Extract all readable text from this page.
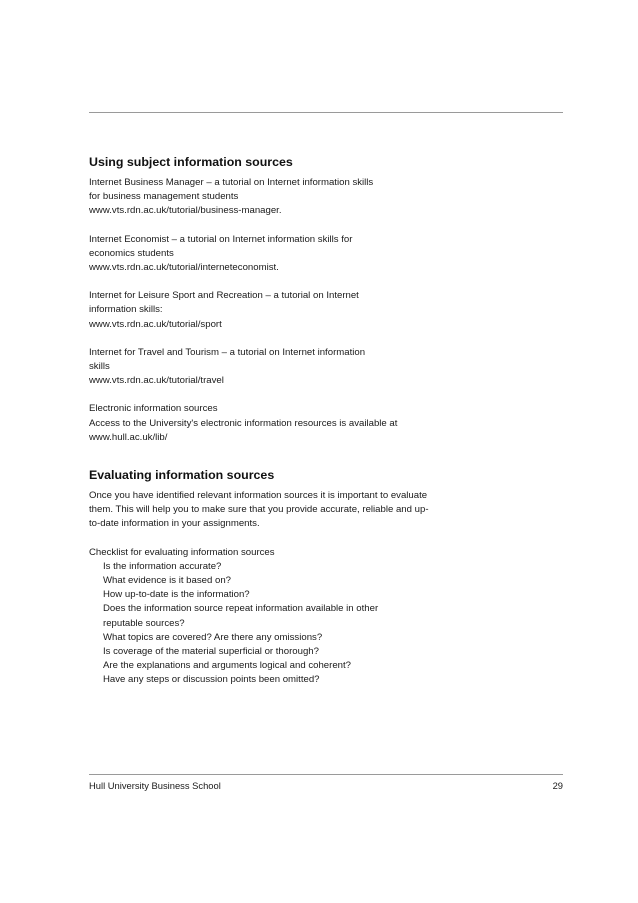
Using subject information sources
Internet Business Manager – a tutorial on Internet information skills
for business management students
www.vts.rdn.ac.uk/tutorial/business-manager.
Internet Economist – a tutorial on Internet information skills for
economics students
www.vts.rdn.ac.uk/tutorial/interneteconomist.
Internet for Leisure Sport and Recreation – a tutorial on Internet
information skills:
www.vts.rdn.ac.uk/tutorial/sport
Internet for Travel and Tourism – a tutorial on Internet information
skills
www.vts.rdn.ac.uk/tutorial/travel
Electronic information sources
Access to the University's electronic information resources is available at
www.hull.ac.uk/lib/
Evaluating information sources
Once you have identified relevant information sources it is important to evaluate
them. This will help you to make sure that you provide accurate, reliable and up-
to-date information in your assignments.
Checklist for evaluating information sources
Is the information accurate?
What evidence is it based on?
How up-to-date is the information?
Does the information source repeat information available in other
reputable sources?
What topics are covered? Are there any omissions?
Is coverage of the material superficial or thorough?
Are the explanations and arguments logical and coherent?
Have any steps or discussion points been omitted?
Hull University Business School	29
